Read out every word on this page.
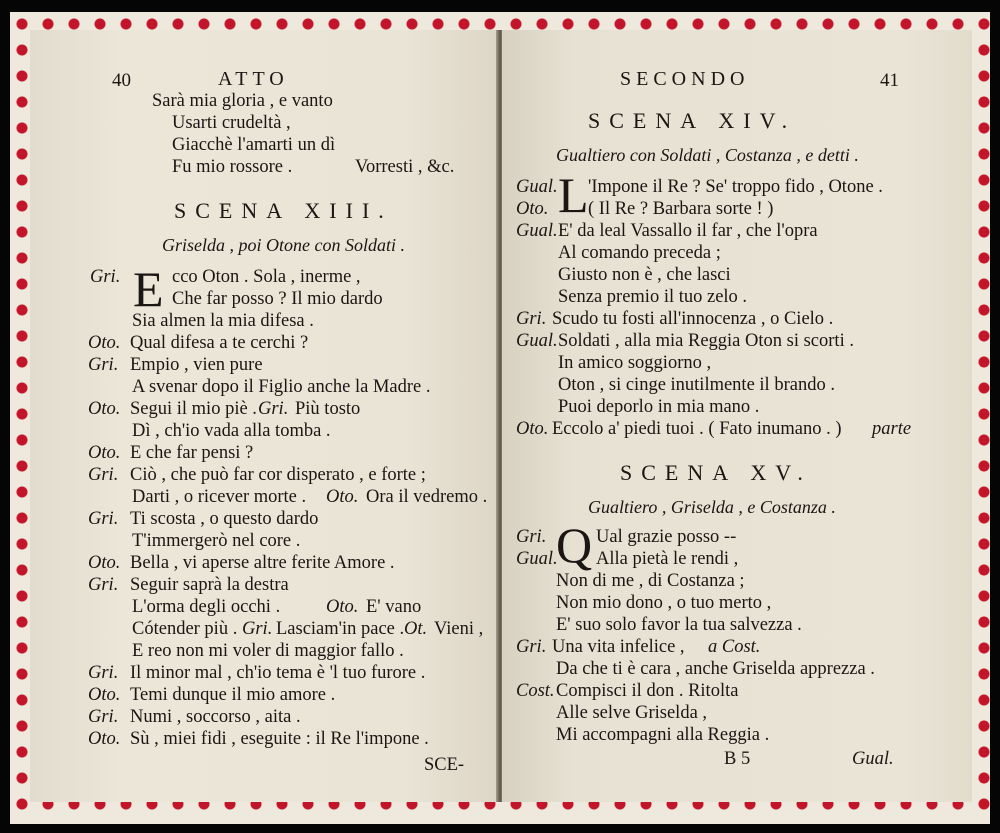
40	ATTO
Sarà mia gloria , e vanto
Usarti crudeltà ,
Giacchè l'amarti un dì
Fu mio rossore .	Vorresti , &c.
SCENA XIII.
Griselda , poi Otone con Soldati .
E
Gri.	cco Oton . Sola , inerme ,
Che far posso ? Il mio dardo
Sia almen la mia difesa .
Oto. Qual difesa a te cerchi ?
Gri. Empio , vien pure
A svenar dopo il Figlio anche la Madre .
Oto. Segui il mio piè . Gri. Più tosto
Dì , ch'io vada alla tomba .
Oto. E che far pensi ?
Gri. Ciò , che può far cor disperato , e forte ;
Darti , o ricever morte . Oto. Ora il vedremo .
Gri. Ti scosta , o questo dardo
T'immergerò nel core .
Oto. Bella , vi aperse altre ferite Amore .
Gri. Seguir saprà la destra
L'orma degli occhi . Oto. E' vano
Cótender più . Gri. Lasciam'in pace . Ot. Vieni ,
E reo non mi voler di maggior fallo .
Gri. Il minor mal , ch'io tema è 'l tuo furore .
Oto. Temi dunque il mio amore .
Gri. Numi , soccorso , aita .
Oto. Sù , miei fidi , eseguite : il Re l'impone .
SCE-
SECONDO	41
SCENA XIV.
Gualtiero con Soldati , Costanza , e detti .
L
Gual. 'Impone il Re ? Se' troppo fido , Otone .
Oto. ( Il Re ? Barbara sorte ! )
Gual. E' da leal Vassallo il far , che l'opra
Al comando preceda ;
Giusto non è , che lasci
Senza premio il tuo zelo .
Gri. Scudo tu fosti all'innocenza , o Cielo .
Gual. Soldati , alla mia Reggia Oton si scorti .
In amico soggiorno ,
Oton , si cinge inutilmente il brando .
Puoi deporlo in mia mano .
Oto. Eccolo a' piedi tuoi . ( Fato inumano . ) parte
SCENA XV.
Gualtiero , Griselda , e Costanza .
Q
Gri.	Ual grazie posso --
Gual. Alla pietà le rendi ,
Non di me , di Costanza ;
Non mio dono , o tuo merto ,
E' suo solo favor la tua salvezza .
Gri. Una vita infelice , a Cost.
Da che ti è cara , anche Griselda apprezza .
Cost. Compisci il don . Ritolta
Alle selve Griselda ,
Mi accompagni alla Reggia .
B 5	Gual.
